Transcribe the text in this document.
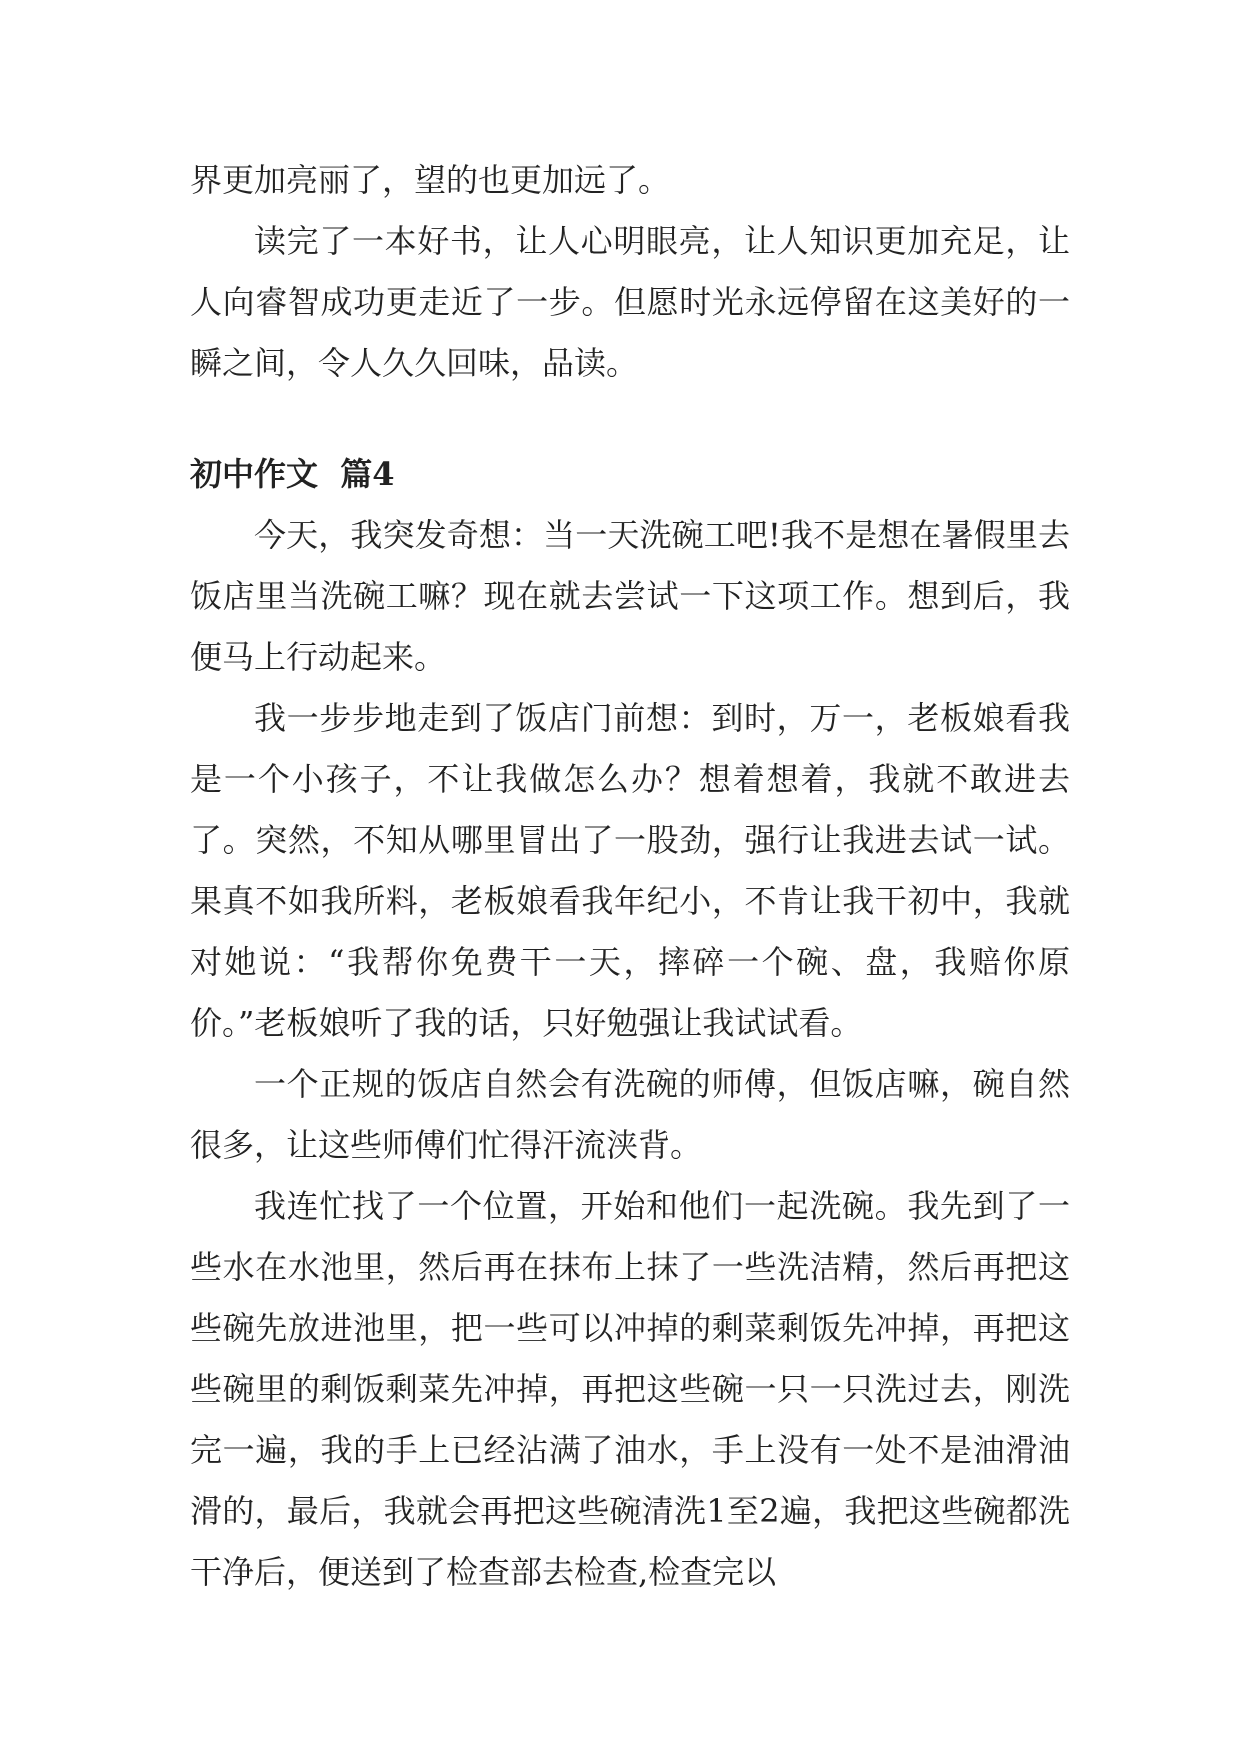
界更加亮丽了，望的也更加远了。

读完了一本好书，让人心明眼亮，让人知识更加充足，让人向睿智成功更走近了一步。但愿时光永远停留在这美好的一瞬之间，令人久久回味，品读。

初中作文  篇4

今天，我突发奇想：当一天洗碗工吧!我不是想在暑假里去饭店里当洗碗工嘛？现在就去尝试一下这项工作。想到后，我便马上行动起来。

我一步步地走到了饭店门前想：到时，万一，老板娘看我是一个小孩子，不让我做怎么办？想着想着，我就不敢进去了。突然，不知从哪里冒出了一股劲，强行让我进去试一试。果真不如我所料，老板娘看我年纪小，不肯让我干初中，我就对她说：“我帮你免费干一天，摔碎一个碗、盘，我赔你原价。”老板娘听了我的话，只好勉强让我试试看。

一个正规的饭店自然会有洗碗的师傅，但饭店嘛，碗自然很多，让这些师傅们忙得汗流浃背。

我连忙找了一个位置，开始和他们一起洗碗。我先到了一些水在水池里，然后再在抹布上抹了一些洗洁精，然后再把这些碗先放进池里，把一些可以冲掉的剩菜剩饭先冲掉，再把这些碗里的剩饭剩菜先冲掉，再把这些碗一只一只洗过去，刚洗完一遍，我的手上已经沾满了油水，手上没有一处不是油滑油滑的，最后，我就会再把这些碗清洗1至2遍，我把这些碗都洗干净后，便送到了检查部去检查,检查完以
